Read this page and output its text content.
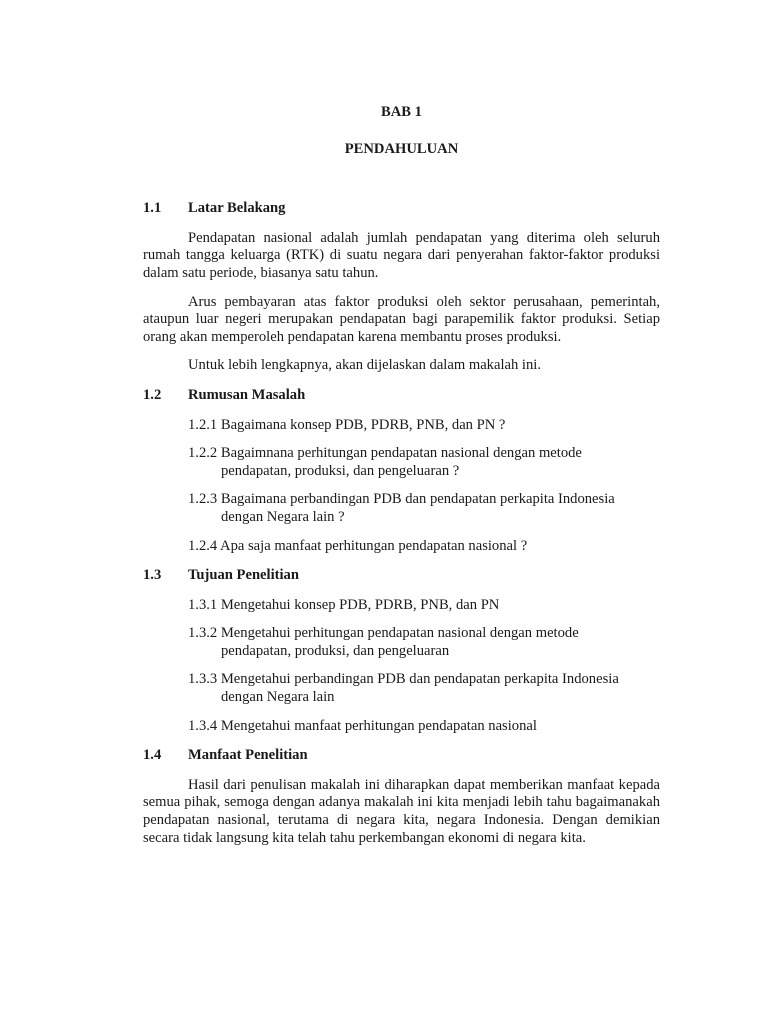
BAB 1
PENDAHULUAN
1.1	Latar Belakang

Pendapatan nasional adalah jumlah pendapatan yang diterima oleh seluruh rumah tangga keluarga (RTK) di suatu negara dari penyerahan faktor-faktor produksi dalam satu periode, biasanya satu tahun.

Arus pembayaran atas faktor produksi oleh sektor perusahaan, pemerintah, ataupun luar negeri merupakan pendapatan bagi parapemilik faktor produksi. Setiap orang akan memperoleh pendapatan karena membantu proses produksi.

Untuk lebih lengkapnya, akan dijelaskan dalam makalah ini.

1.2	Rumusan Masalah
1.2.1 Bagaimana konsep PDB, PDRB, PNB, dan PN ?
1.2.2 Bagaimnana perhitungan pendapatan nasional dengan metode
pendapatan, produksi, dan pengeluaran ?
1.2.3 Bagaimana perbandingan PDB dan pendapatan perkapita Indonesia
dengan Negara lain ?
1.2.4 Apa saja manfaat perhitungan pendapatan nasional ?
1.3	Tujuan Penelitian
1.3.1 Mengetahui konsep PDB, PDRB, PNB, dan PN
1.3.2 Mengetahui perhitungan pendapatan nasional dengan metode
pendapatan, produksi, dan pengeluaran
1.3.3 Mengetahui perbandingan PDB dan pendapatan perkapita Indonesia
dengan Negara lain
1.3.4 Mengetahui manfaat perhitungan pendapatan nasional
1.4	Manfaat Penelitian

Hasil dari penulisan makalah ini diharapkan dapat memberikan manfaat kepada semua pihak, semoga dengan adanya makalah ini kita menjadi lebih tahu bagaimanakah pendapatan nasional, terutama di negara kita, negara Indonesia. Dengan demikian secara tidak langsung kita telah tahu perkembangan ekonomi di negara kita.
